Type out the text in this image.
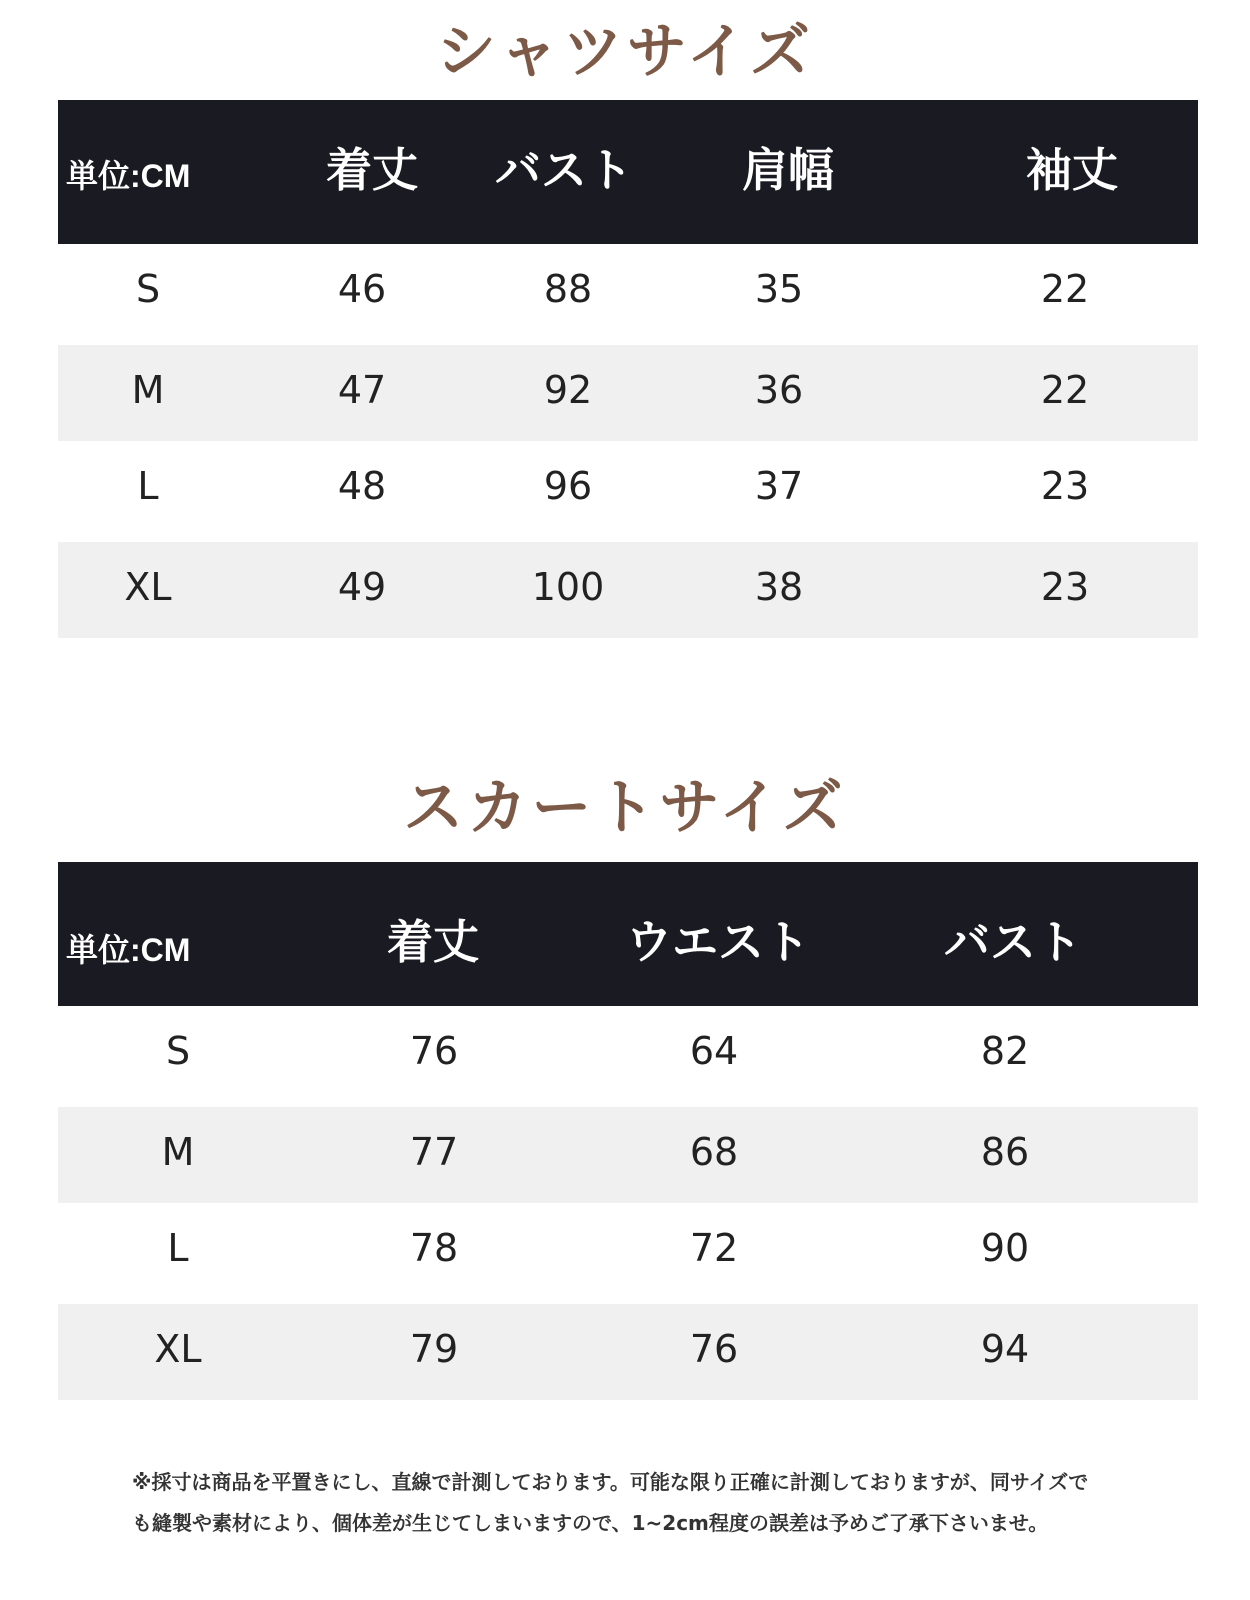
シャツサイズ
単位:CM	着丈	バスト	肩幅	袖丈
S	46	88	35	22
M	47	92	36	22
L	48	96	37	23
XL	49	100	38	23
スカートサイズ
単位:CM	着丈	ウエスト	バスト
S	76	64	82
M	77	68	86
L	78	72	90
XL	79	76	94
※採寸は商品を平置きにし、直線で計測しております。可能な限り正確に計測しておりますが、同サイズで
も縫製や素材により、個体差が生じてしまいますので、1~2cm程度の誤差は予めご了承下さいませ。
